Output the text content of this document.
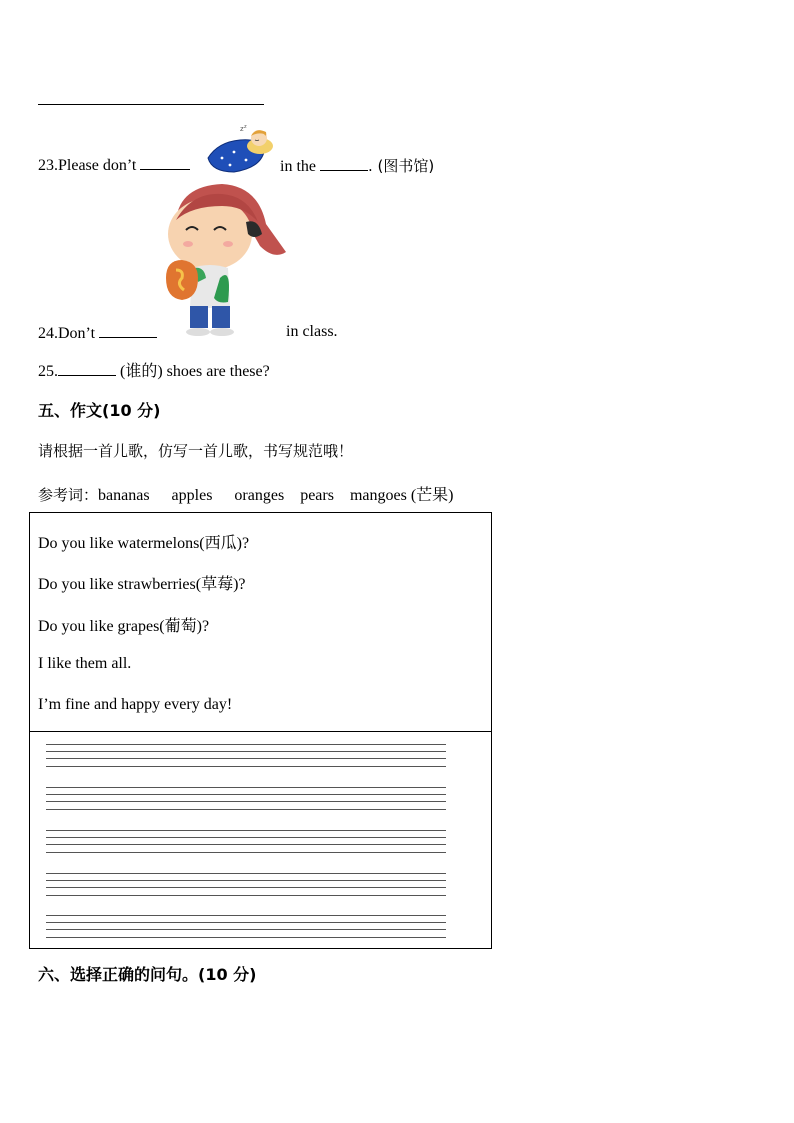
23.Please don’t
z z
in the	. (图书馆)
24.Don’t	in class.
25.	(谁的) shoes are these?
五、作文(10 分)
请根据一首儿歌，仿写一首儿歌，书写规范哦！
参考词：bananas apples oranges pears mangoes (芒果)
Do you like watermelons(西瓜)?
Do you like strawberries(草莓)?
Do you like grapes(葡萄)?
I like them all.
I’m fine and happy every day!
六、选择正确的问句。(10 分)
